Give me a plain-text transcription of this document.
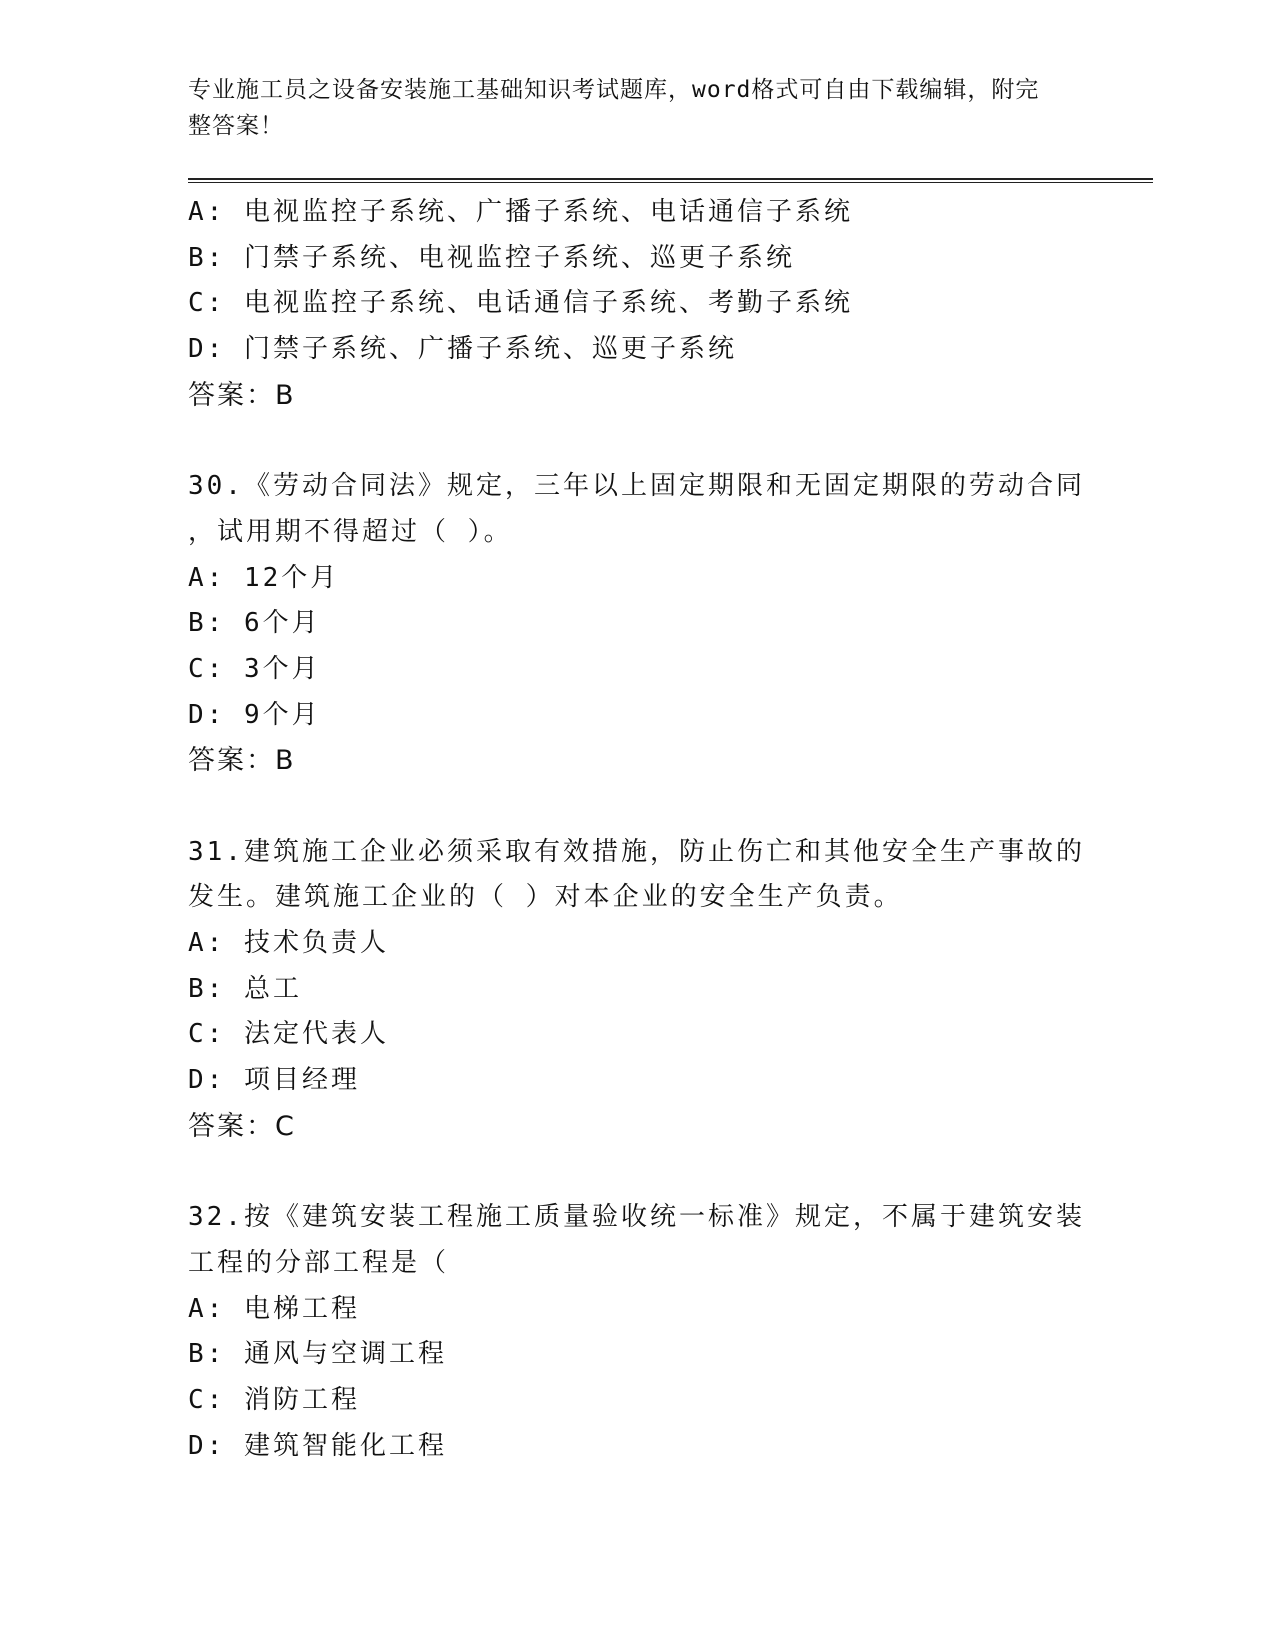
专业施工员之设备安装施工基础知识考试题库，word格式可自由下载编辑，附完
整答案！
A: 电视监控子系统、广播子系统、电话通信子系统
B: 门禁子系统、电视监控子系统、巡更子系统
C: 电视监控子系统、电话通信子系统、考勤子系统
D: 门禁子系统、广播子系统、巡更子系统
答案：B
30.《劳动合同法》规定，三年以上固定期限和无固定期限的劳动合同
，试用期不得超过（ ）。
A: 12个月
B: 6个月
C: 3个月
D: 9个月
答案：B
31.建筑施工企业必须采取有效措施，防止伤亡和其他安全生产事故的
发生。建筑施工企业的（ ）对本企业的安全生产负责。
A: 技术负责人
B: 总工
C: 法定代表人
D: 项目经理
答案：C
32.按《建筑安装工程施工质量验收统一标准》规定，不属于建筑安装
工程的分部工程是（
A: 电梯工程
B: 通风与空调工程
C: 消防工程
D: 建筑智能化工程
